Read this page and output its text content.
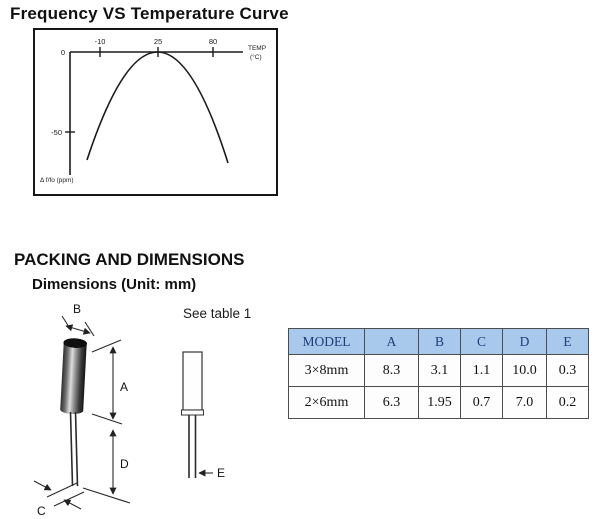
Frequency VS Temperature Curve
-10	25	80
0
-50
TEMP
(°C)
Δ f/fo (ppm)
PACKING AND DIMENSIONS
Dimensions (Unit: mm)
See table 1
B
C
A
D
E
MODEL	A	B	C	D	E
3×8mm	8.3	3.1	1.1	10.0	0.3
2×6mm	6.3	1.95	0.7	7.0	0.2
